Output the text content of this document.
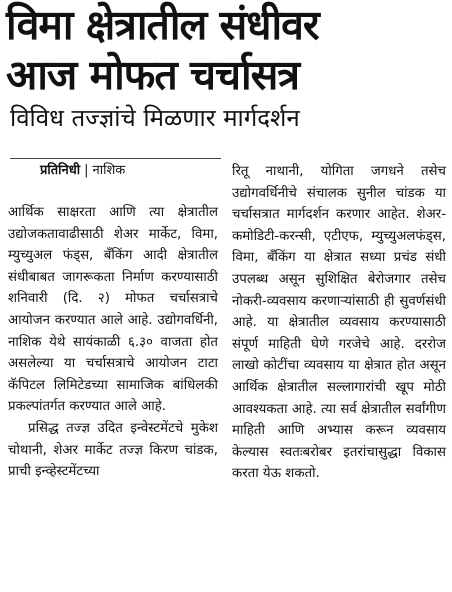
विमा क्षेत्रातील संधीवर
आज मोफत चर्चासत्र
विविध तज्ज्ञांचे मिळणार मार्गदर्शन
प्रतिनिधी | नाशिक

आर्थिक साक्षरता आणि त्या क्षेत्रातील उद्योजकतावाढीसाठी शेअर मार्केट, विमा, म्युच्युअल फंड्स, बँकिंग आदी क्षेत्रातील संधीबाबत जागरूकता निर्माण करण्यासाठी शनिवारी (दि. २) मोफत चर्चासत्राचे आयोजन करण्यात आले आहे. उद्योगवर्धिनी, नाशिक येथे सायंकाळी ६.३० वाजता होत असलेल्या या चर्चासत्राचे आयोजन टाटा कॅपिटल लिमिटेडच्या सामाजिक बांधिलकी प्रकल्पांतर्गत करण्यात आले आहे.

प्रसिद्ध तज्ज्ञ उदित इन्वेस्टमेंटचे मुकेश चोथानी, शेअर मार्केट तज्ज्ञ किरण चांडक, प्राची इन्व्हेस्टमेंटच्या

रितू नाथानी, योगिता जगधने तसेच उद्योगवर्धिनीचे संचालक सुनील चांडक या चर्चासत्रात मार्गदर्शन करणार आहेत. शेअर-कमोडिटी-करन्सी, एटीएफ, म्युच्युअलफंड्स, विमा, बँकिंग या क्षेत्रात सध्या प्रचंड संधी उपलब्ध असून सुशिक्षित बेरोजगार तसेच नोकरी-व्यवसाय करणाऱ्यांसाठी ही सुवर्णसंधी आहे. या क्षेत्रातील व्यवसाय करण्यासाठी संपूर्ण माहिती घेणे गरजेचे आहे. दररोज लाखो कोटींचा व्यवसाय या क्षेत्रात होत असून आर्थिक क्षेत्रातील सल्लागारांची खूप मोठी आवश्यकता आहे. त्या सर्व क्षेत्रातील सर्वांगीण माहिती आणि अभ्यास करून व्यवसाय केल्यास स्वतःबरोबर इतरांचासुद्धा विकास करता येऊ शकतो.
